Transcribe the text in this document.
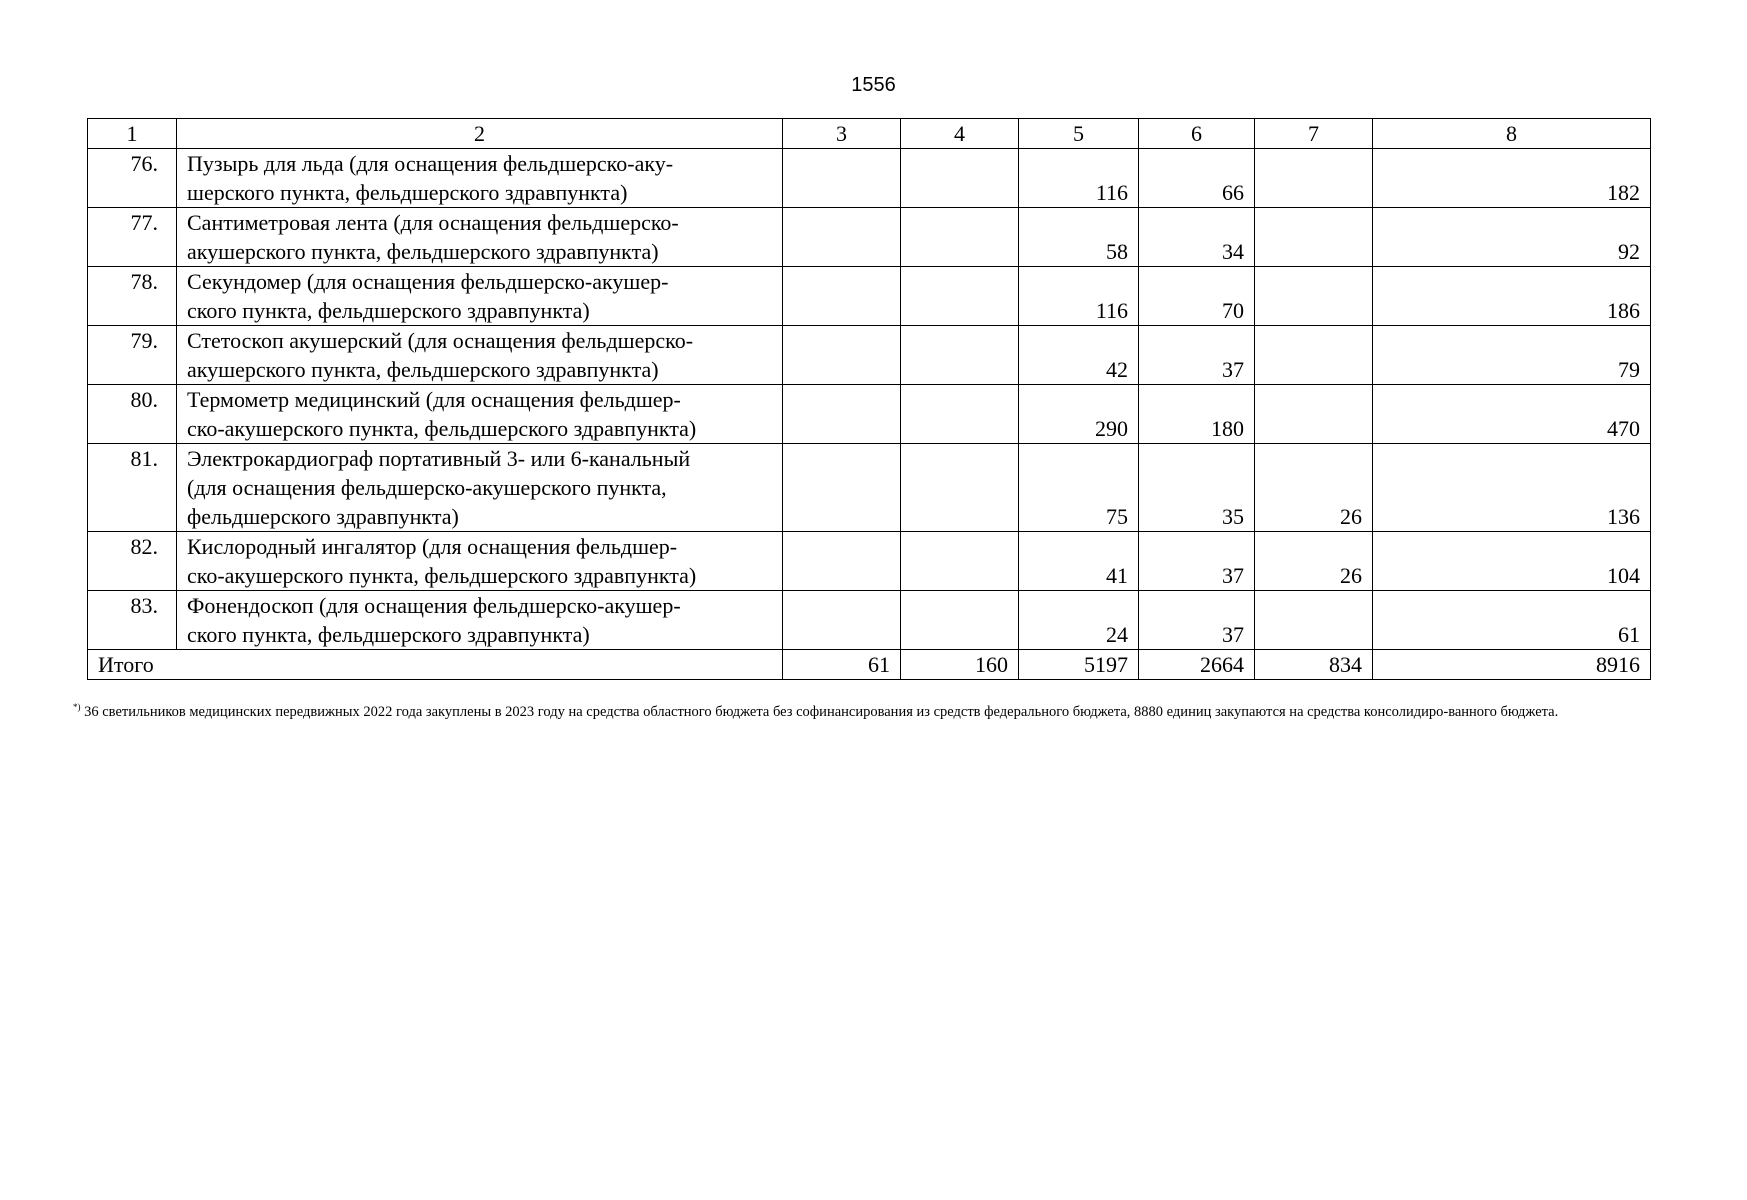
1556
1	2	3	4	5	6	7	8
76.	Пузырь для льда (для оснащения фельдшерско-аку-
шерского пункта, фельдшерского здравпункта)			116	66		182
77.	Сантиметровая лента (для оснащения фельдшерско-
акушерского пункта, фельдшерского здравпункта)			58	34		92
78.	Секундомер (для оснащения фельдшерско-акушер-
ского пункта, фельдшерского здравпункта)			116	70		186
79.	Стетоскоп акушерский (для оснащения фельдшерско-
акушерского пункта, фельдшерского здравпункта)			42	37		79
80.	Термометр медицинский (для оснащения фельдшер-
ско-акушерского пункта, фельдшерского здравпункта)			290	180		470
81.	Электрокардиограф портативный 3- или 6-канальный
(для оснащения фельдшерско-акушерского пункта,
фельдшерского здравпункта)			75	35	26	136
82.	Кислородный ингалятор (для оснащения фельдшер-
ско-акушерского пункта, фельдшерского здравпункта)			41	37	26	104
83.	Фонендоскоп (для оснащения фельдшерско-акушер-
ского пункта, фельдшерского здравпункта)			24	37		61
Итого		61	160	5197	2664	834	8916
*) 36 светильников медицинских передвижных 2022 года закуплены в 2023 году на средства областного бюджета без софинансирования из средств федерального бюджета, 8880 единиц закупаются на средства консолидиро-ванного бюджета.
